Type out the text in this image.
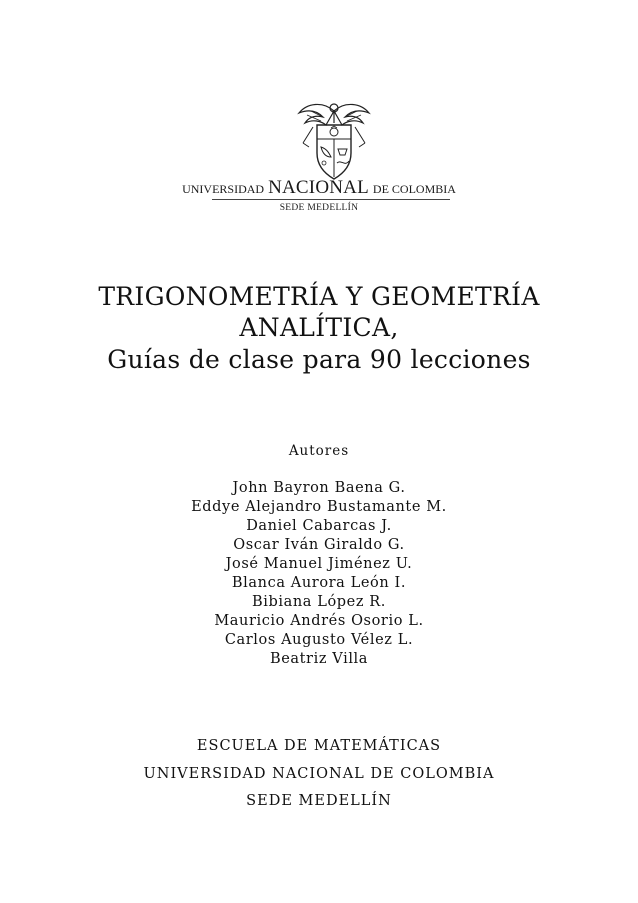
UNIVERSIDAD NACIONAL DE COLOMBIA
SEDE MEDELLÍN
TRIGONOMETRÍA Y GEOMETRÍA
ANALÍTICA,
Guías de clase para 90 lecciones
Autores
John Bayron Baena G.
Eddye Alejandro Bustamante M.
Daniel Cabarcas J.
Oscar Iván Giraldo G.
José Manuel Jiménez U.
Blanca Aurora León I.
Bibiana López R.
Mauricio Andrés Osorio L.
Carlos Augusto Vélez L.
Beatriz Villa
ESCUELA DE MATEMÁTICAS
UNIVERSIDAD NACIONAL DE COLOMBIA
SEDE MEDELLÍN
